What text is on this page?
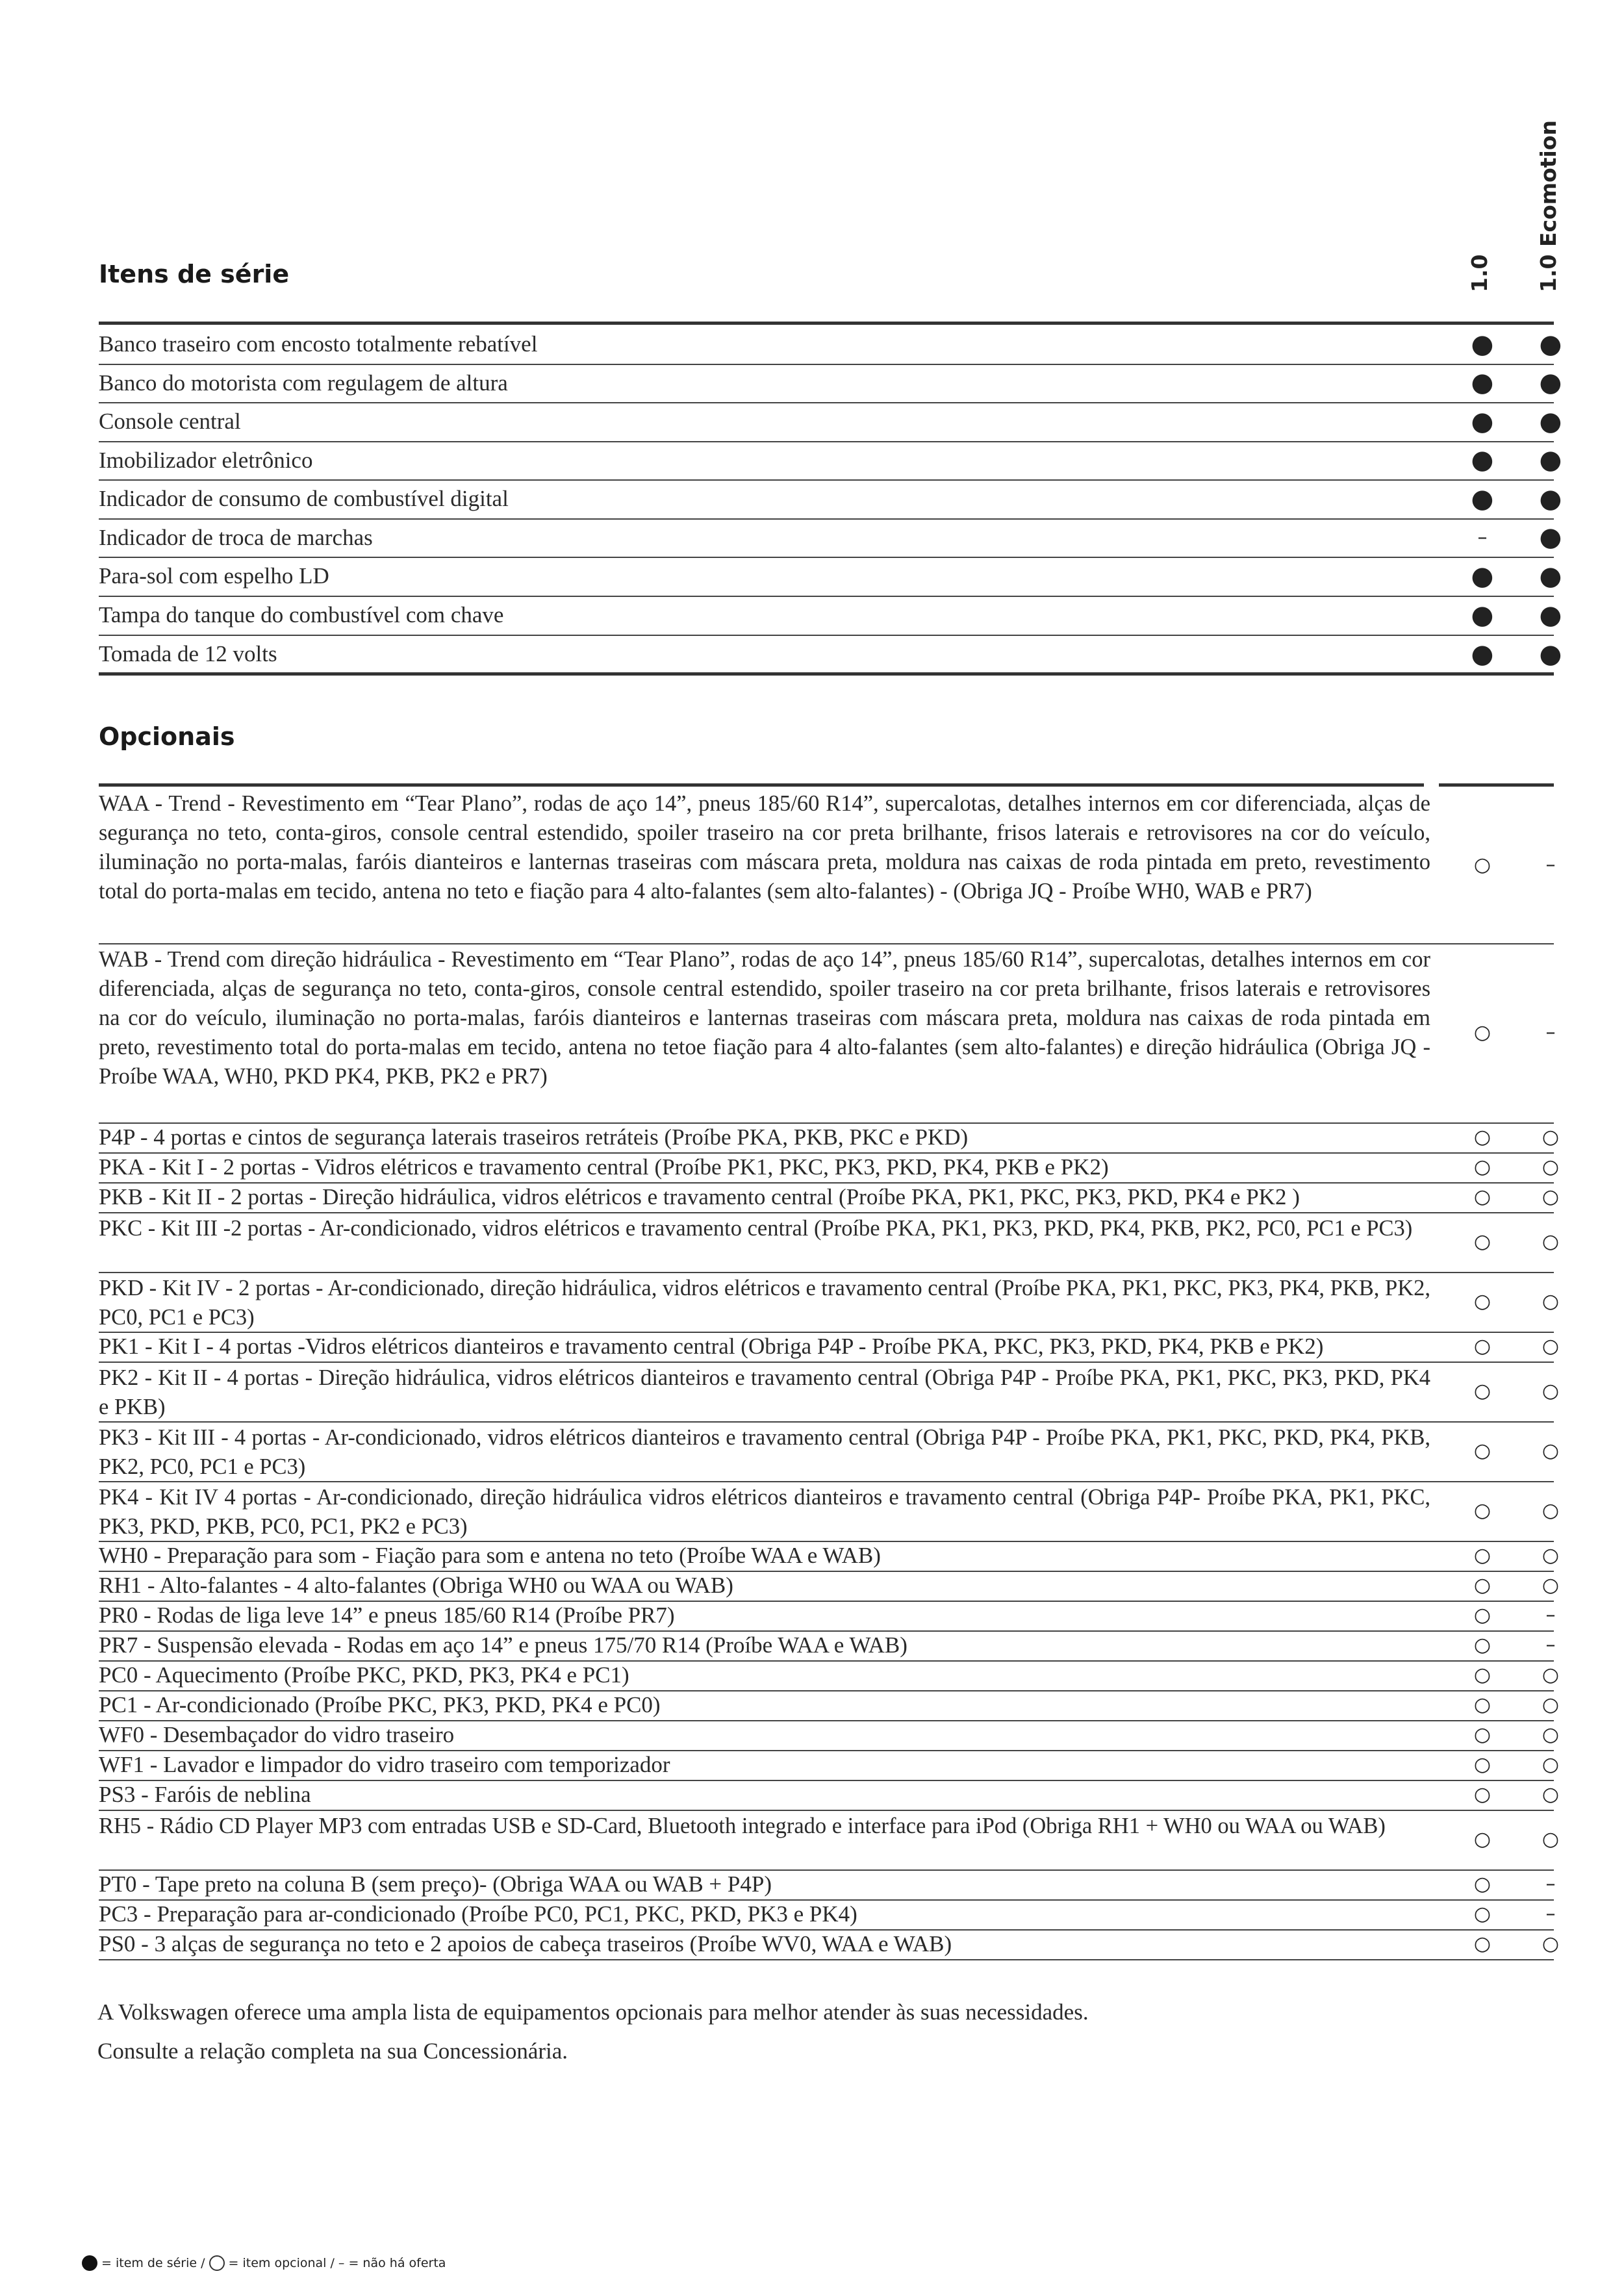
1.0 1.0 Ecomotion
Itens de série
Banco traseiro com encosto totalmente rebatível	●	●
Banco do motorista com regulagem de altura	●	●
Console central	●	●
Imobilizador eletrônico	●	●
Indicador de consumo de combustível digital	●	●
Indicador de troca de marchas	–	●
Para-sol com espelho LD	●	●
Tampa do tanque do combustível com chave	●	●
Tomada de 12 volts	●	●
Opcionais
WAA - Trend - Revestimento em “Tear Plano”, rodas de aço 14”, pneus 185/60 R14”, supercalotas, detalhes internos em cor diferenciada, alças de segurança no teto, conta-giros, console central estendido, spoiler traseiro na cor preta brilhante, frisos laterais e retrovisores na cor do veículo, iluminação no porta-malas, faróis dianteiros e lanternas traseiras com máscara preta, moldura nas caixas de roda pintada em preto, revestimento total do porta-malas em tecido, antena no teto e fiação para 4 alto-falantes (sem alto-falantes) - (Obriga JQ - Proíbe WH0, WAB e PR7)
○	–
WAB - Trend com direção hidráulica - Revestimento em “Tear Plano”, rodas de aço 14”, pneus 185/60 R14”, supercalotas, detalhes internos em cor diferenciada, alças de segurança no teto, conta-giros, console central estendido, spoiler traseiro na cor preta brilhante, frisos laterais e retrovisores na cor do veículo, iluminação no porta-malas, faróis dianteiros e lanternas traseiras com máscara preta, moldura nas caixas de roda pintada em preto, revestimento total do porta-malas em tecido, antena no tetoe fiação para 4 alto-falantes (sem alto-falantes) e direção hidráulica (Obriga JQ - Proíbe WAA, WH0, PKD PK4, PKB, PK2 e PR7)
○	–
P4P - 4 portas e cintos de segurança laterais traseiros retráteis (Proíbe PKA, PKB, PKC e PKD)	○	○
PKA - Kit I - 2 portas - Vidros elétricos e travamento central (Proíbe PK1, PKC, PK3, PKD, PK4, PKB e PK2)	○	○
PKB - Kit II - 2 portas - Direção hidráulica, vidros elétricos e travamento central (Proíbe PKA, PK1, PKC, PK3, PKD, PK4 e PK2 )	○	○
PKC - Kit III -2 portas - Ar-condicionado, vidros elétricos e travamento central (Proíbe PKA, PK1, PK3, PKD, PK4, PKB, PK2, PC0, PC1 e PC3)
○	○
PKD - Kit IV - 2 portas - Ar-condicionado, direção hidráulica, vidros elétricos e travamento central (Proíbe PKA, PK1, PKC, PK3, PK4, PKB, PK2, PC0, PC1 e PC3)
○	○
PK1 - Kit I - 4 portas -Vidros elétricos dianteiros e travamento central (Obriga P4P - Proíbe PKA, PKC, PK3, PKD, PK4, PKB e PK2)	○	○
PK2 - Kit II - 4 portas - Direção hidráulica, vidros elétricos dianteiros e travamento central (Obriga P4P - Proíbe PKA, PK1, PKC, PK3, PKD, PK4 e PKB)
○	○
PK3 - Kit III - 4 portas - Ar-condicionado, vidros elétricos dianteiros e travamento central (Obriga P4P - Proíbe PKA, PK1, PKC, PKD, PK4, PKB, PK2, PC0, PC1 e PC3)
○	○
PK4 - Kit IV 4 portas - Ar-condicionado, direção hidráulica vidros elétricos dianteiros e travamento central (Obriga P4P- Proíbe PKA, PK1, PKC, PK3, PKD, PKB, PC0, PC1, PK2 e PC3)
○	○
WH0 - Preparação para som - Fiação para som e antena no teto (Proíbe WAA e WAB)	○	○
RH1 - Alto-falantes - 4 alto-falantes (Obriga WH0 ou WAA ou WAB)	○	○
PR0 - Rodas de liga leve 14” e pneus 185/60 R14 (Proíbe PR7)	○	–
PR7 - Suspensão elevada - Rodas em aço 14” e pneus 175/70 R14 (Proíbe WAA e WAB)	○	–
PC0 - Aquecimento (Proíbe PKC, PKD, PK3, PK4 e PC1)	○	○
PC1 - Ar-condicionado (Proíbe PKC, PK3, PKD, PK4 e PC0)	○	○
WF0 - Desembaçador do vidro traseiro	○	○
WF1 - Lavador e limpador do vidro traseiro com temporizador	○	○
PS3 - Faróis de neblina	○	○
RH5 - Rádio CD Player MP3 com entradas USB e SD-Card, Bluetooth integrado e interface para iPod (Obriga RH1 + WH0 ou WAA ou WAB)
○	○
PT0 - Tape preto na coluna B (sem preço)- (Obriga WAA ou WAB + P4P)	○	–
PC3 - Preparação para ar-condicionado (Proíbe PC0, PC1, PKC, PKD, PK3 e PK4)	○	–
PS0 - 3 alças de segurança no teto e 2 apoios de cabeça traseiros (Proíbe WV0, WAA e WAB)	○	○
A Volkswagen oferece uma ampla lista de equipamentos opcionais para melhor atender às suas necessidades.
Consulte a relação completa na sua Concessionária.
= item de série / = item opcional / – = não há oferta
